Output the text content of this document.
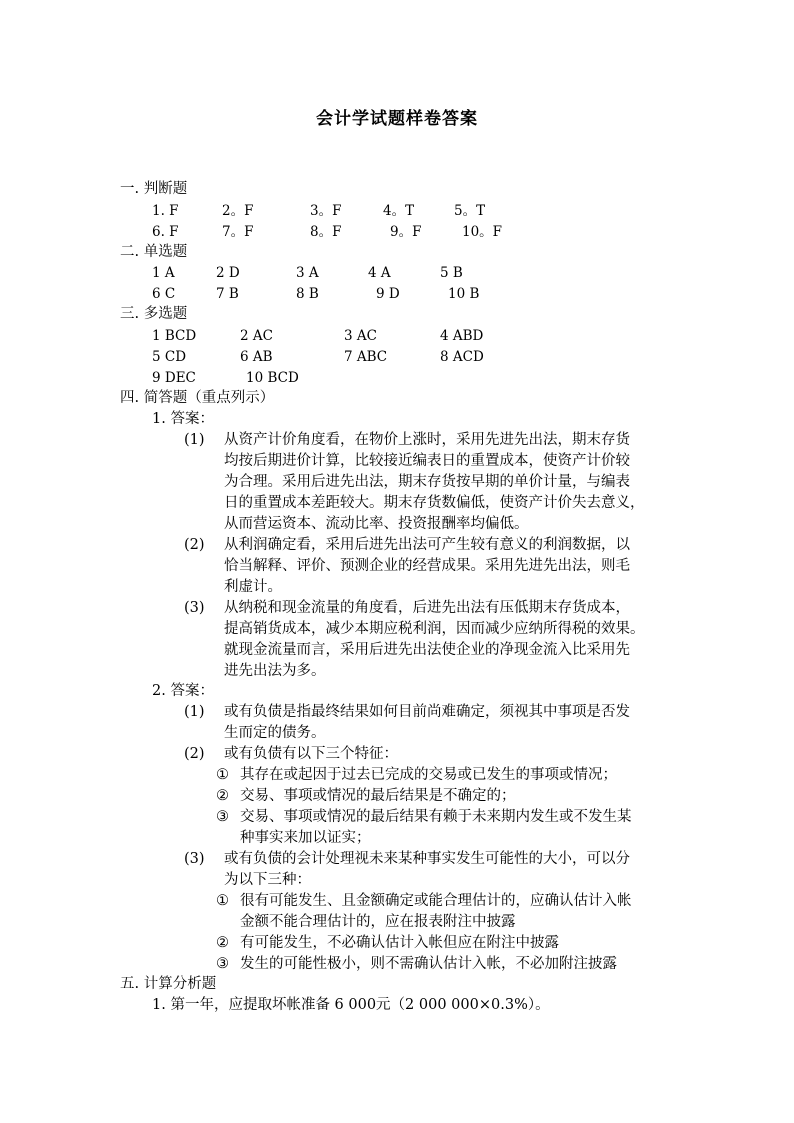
会计学试题样卷答案
一. 判断题
1. F	2。F	3。F	4。T	5。T
6. F	7。F	8。F	9。F	10。F
二. 单选题
1 A	2 D	3 A	4 A	5 B
6 C	7 B	8 B	9 D	10 B
三. 多选题
1 BCD	2 AC	3 AC	4 ABD
5 CD	6 AB	7 ABC	8 ACD
9 DEC	10 BCD
四. 简答题（重点列示）
1. 答案：
(1) 从资产计价角度看，在物价上涨时，采用先进先出法，期末存货
均按后期进价计算，比较接近编表日的重置成本，使资产计价较
为合理。采用后进先出法，期末存货按早期的单价计量，与编表
日的重置成本差距较大。期末存货数偏低，使资产计价失去意义，
从而营运资本、流动比率、投资报酬率均偏低。
(2) 从利润确定看，采用后进先出法可产生较有意义的利润数据，以
恰当解释、评价、预测企业的经营成果。采用先进先出法，则毛
利虚计。
(3) 从纳税和现金流量的角度看，后进先出法有压低期末存货成本，
提高销货成本，减少本期应税利润，因而减少应纳所得税的效果。
就现金流量而言，采用后进先出法使企业的净现金流入比采用先
进先出法为多。
2. 答案：
(1) 或有负债是指最终结果如何目前尚难确定，须视其中事项是否发
生而定的债务。
(2) 或有负债有以下三个特征：
① 其存在或起因于过去已完成的交易或已发生的事项或情况；
② 交易、事项或情况的最后结果是不确定的；
③ 交易、事项或情况的最后结果有赖于未来期内发生或不发生某
种事实来加以证实；
(3) 或有负债的会计处理视未来某种事实发生可能性的大小，可以分
为以下三种：
① 很有可能发生、且金额确定或能合理估计的，应确认估计入帐
金额不能合理估计的，应在报表附注中披露
② 有可能发生，不必确认估计入帐但应在附注中披露
③ 发生的可能性极小，则不需确认估计入帐，不必加附注披露
五. 计算分析题
1. 第一年，应提取坏帐准备 6 000元（2 000 000×0.3%）。
